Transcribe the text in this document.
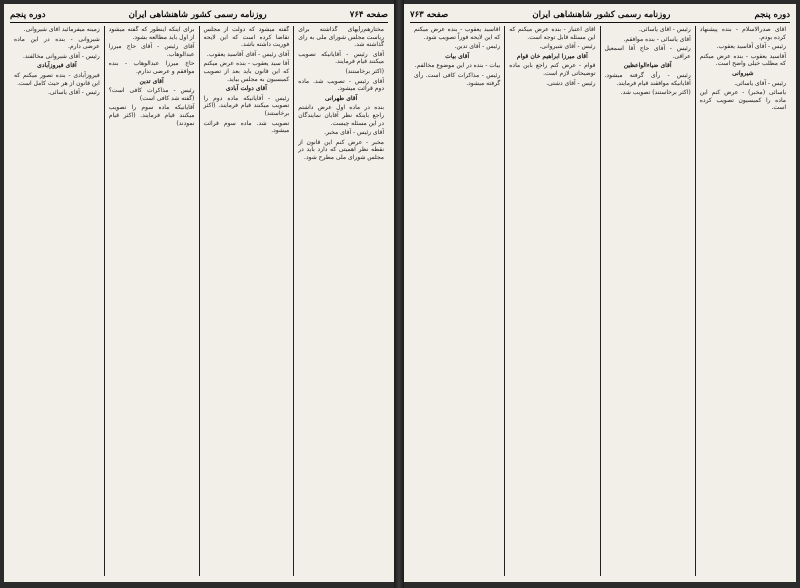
صفحه ۷۶۴
روزنامه رسمی کشور شاهنشاهی ایران
دوره پنجم

مختار‌هم‌رأیهای گذاشته برای ریاست مجلس شورای ملی به رای گذاشته شد.

آقای رئیس - آقایانیکه تصویب میکنند قیام فرمایند.

(اکثر برخاستند)

آقای رئیس - تصویب شد. ماده دوم قرائت میشود.

آقای طهرانی

بنده در ماده اول عرض داشتم راجع باینکه نظر آقایان نمایندگان در این مسئله چیست.

آقای رئیس - آقای مخبر.

مخبر - عرض کنم این قانون از نقطه نظر اهمیتی که دارد باید در مجلس شورای ملی مطرح شود.

گفته میشود که دولت از مجلس تقاضا کرده است که این لایحه فوریت داشته باشد.

آقای رئیس - آقای آقاسید یعقوب.

آقا سید یعقوب - بنده عرض میکنم که این قانون باید بعد از تصویب کمیسیون به مجلس بیاید.

آقای دولت آبادی

رئیس - آقایانیکه ماده دوم را تصویب میکنند قیام فرمایند. (اکثر برخاستند)

تصویب شد. ماده سوم قرائت میشود.

برای اینکه اینطور که گفته میشود از اول باید مطالعه بشود.

آقای رئیس - آقای حاج میرزا عبدالوهاب.

حاج میرزا عبدالوهاب - بنده موافقم و عرضی ندارم.

آقای تدین

رئیس - مذاکرات کافی است؟ (گفته شد کافی است)

آقایانیکه ماده سوم را تصویب میکنند قیام فرمایند. (اکثر قیام نمودند)

زمینه میفرمائید آقای شیروانی.

شیروانی - بنده در این ماده عرضی دارم.

رئیس - آقای شیروانی مخالفند.

آقای فیروزآبادی

فیروزآبادی - بنده تصور میکنم که این قانون از هر حیث کامل است.

رئیس - آقای یاسائی.

دوره پنجم
روزنامه رسمی کشور شاهنشاهی ایران
صفحه ۷۶۳

اقای صدرالاسلام - بنده پیشنهاد کرده بودم.

رئیس - آقای آقاسید یعقوب.

آقاسید یعقوب - بنده عرض میکنم که مطلب خیلی واضح است.

شیروانی

رئیس - آقای یاسائی.

یاسائی (مخبر) - عرض کنم این ماده را کمیسیون تصویب کرده است.

رئیس - آقای یاسائی.

آقای یاسائی - بنده موافقم.

رئیس - آقای حاج آقا اسمعیل عراقی.

آقای ضیاءالواعظین

رئیس - رأی گرفته میشود. آقایانیکه موافقند قیام فرمایند.

(اکثر برخاستند) تصویب شد.

آقای اعتبار - بنده عرض میکنم که این مسئله قابل توجه است.

رئیس - آقای شیروانی.

آقای میرزا ابراهیم خان قوام

قوام - عرض کنم راجع باین ماده توضیحاتی لازم است.

رئیس - آقای دشتی.

آقاسید یعقوب - بنده عرض میکنم که این لایحه فوراً تصویب شود.

رئیس - آقای تدین.

آقای بیات

بیات - بنده در این موضوع مخالفم.

رئیس - مذاکرات کافی است. رأی گرفته میشود.
